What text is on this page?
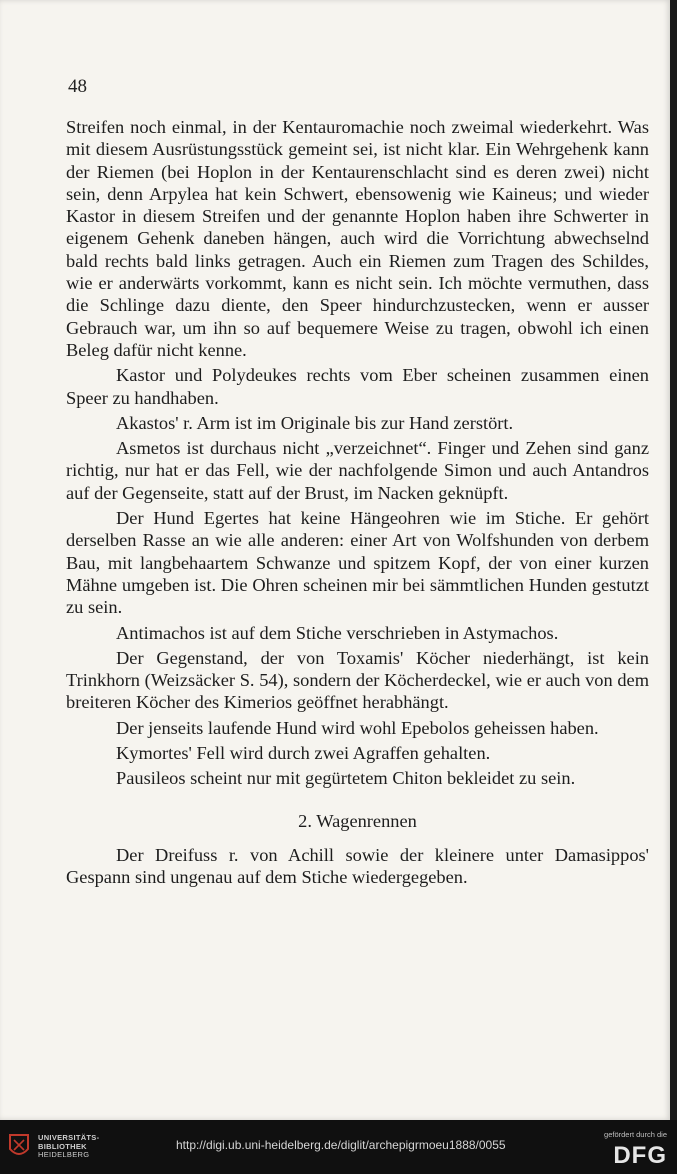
48

Streifen noch einmal, in der Kentauromachie noch zweimal wiederkehrt. Was mit diesem Ausrüstungsstück gemeint sei, ist nicht klar. Ein Wehrgehenk kann der Riemen (bei Hoplon in der Kentaurenschlacht sind es deren zwei) nicht sein, denn Arpylea hat kein Schwert, ebensowenig wie Kaineus; und wieder Kastor in diesem Streifen und der genannte Hoplon haben ihre Schwerter in eigenem Gehenk daneben hängen, auch wird die Vorrichtung abwechselnd bald rechts bald links getragen. Auch ein Riemen zum Tragen des Schildes, wie er anderwärts vorkommt, kann es nicht sein. Ich möchte vermuthen, dass die Schlinge dazu diente, den Speer hindurchzustecken, wenn er ausser Gebrauch war, um ihn so auf bequemere Weise zu tragen, obwohl ich einen Beleg dafür nicht kenne.

Kastor und Polydeukes rechts vom Eber scheinen zusammen einen Speer zu handhaben.

Akastos' r. Arm ist im Originale bis zur Hand zerstört.

Asmetos ist durchaus nicht „verzeichnet“. Finger und Zehen sind ganz richtig, nur hat er das Fell, wie der nachfolgende Simon und auch Antandros auf der Gegenseite, statt auf der Brust, im Nacken geknüpft.

Der Hund Egertes hat keine Hängeohren wie im Stiche. Er gehört derselben Rasse an wie alle anderen: einer Art von Wolfshunden von derbem Bau, mit langbehaartem Schwanze und spitzem Kopf, der von einer kurzen Mähne umgeben ist. Die Ohren scheinen mir bei sämmtlichen Hunden gestutzt zu sein.

Antimachos ist auf dem Stiche verschrieben in Astymachos.

Der Gegenstand, der von Toxamis' Köcher niederhängt, ist kein Trinkhorn (Weizsäcker S. 54), sondern der Köcherdeckel, wie er auch von dem breiteren Köcher des Kimerios geöffnet herabhängt.

Der jenseits laufende Hund wird wohl Epebolos geheissen haben.

Kymortes' Fell wird durch zwei Agraffen gehalten.

Pausileos scheint nur mit gegürtetem Chiton bekleidet zu sein.

2. Wagenrennen

Der Dreifuss r. von Achill sowie der kleinere unter Damasippos' Gespann sind ungenau auf dem Stiche wiedergegeben.

UNIVERSITÄTS-
BIBLIOTHEK
HEIDELBERG
http://digi.ub.uni-heidelberg.de/diglit/archepigrmoeu1888/0055
gefördert durch die
DFG
